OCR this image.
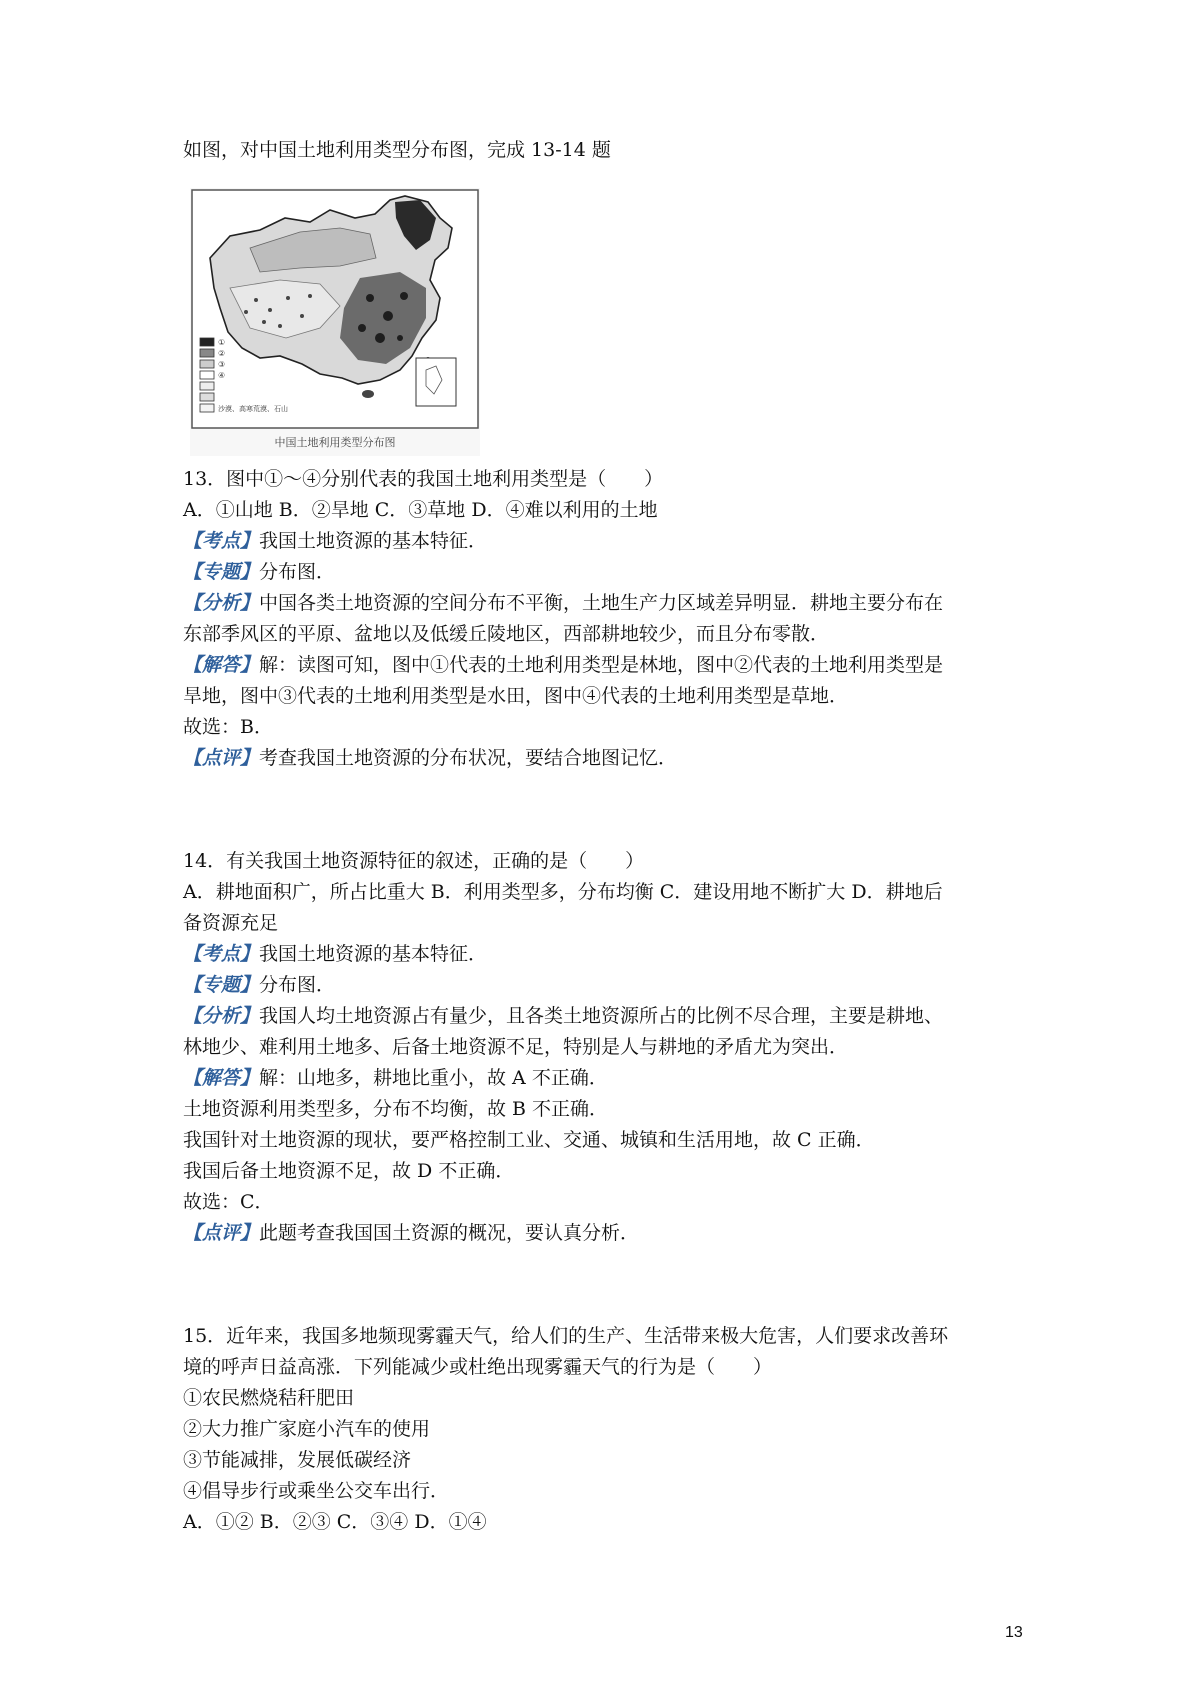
如图，对中国土地利用类型分布图，完成 13-14 题
①
②
③
④
沙漠、高寒荒漠、石山
中国土地利用类型分布图
13．图中①～④分别代表的我国土地利用类型是（　　）
A．①山地 B．②旱地 C．③草地 D．④难以利用的土地
【考点】我国土地资源的基本特征．
【专题】分布图．
【分析】中国各类土地资源的空间分布不平衡，土地生产力区域差异明显．耕地主要分布在
东部季风区的平原、盆地以及低缓丘陵地区，西部耕地较少，而且分布零散．
【解答】解：读图可知，图中①代表的土地利用类型是林地，图中②代表的土地利用类型是
旱地，图中③代表的土地利用类型是水田，图中④代表的土地利用类型是草地．
故选：B．
【点评】考查我国土地资源的分布状况，要结合地图记忆．
14．有关我国土地资源特征的叙述，正确的是（　　）
A．耕地面积广，所占比重大 B．利用类型多，分布均衡 C．建设用地不断扩大 D．耕地后
备资源充足
【考点】我国土地资源的基本特征．
【专题】分布图．
【分析】我国人均土地资源占有量少，且各类土地资源所占的比例不尽合理，主要是耕地、
林地少、难利用土地多、后备土地资源不足，特别是人与耕地的矛盾尤为突出．
【解答】解：山地多，耕地比重小，故 A 不正确．
土地资源利用类型多，分布不均衡，故 B 不正确．
我国针对土地资源的现状，要严格控制工业、交通、城镇和生活用地，故 C 正确．
我国后备土地资源不足，故 D 不正确．
故选：C．
【点评】此题考查我国国土资源的概况，要认真分析．
15．近年来，我国多地频现雾霾天气，给人们的生产、生活带来极大危害，人们要求改善环
境的呼声日益高涨．下列能减少或杜绝出现雾霾天气的行为是（　　）
①农民燃烧秸秆肥田
②大力推广家庭小汽车的使用
③节能减排，发展低碳经济
④倡导步行或乘坐公交车出行．
A．①② B．②③ C．③④ D．①④
13
